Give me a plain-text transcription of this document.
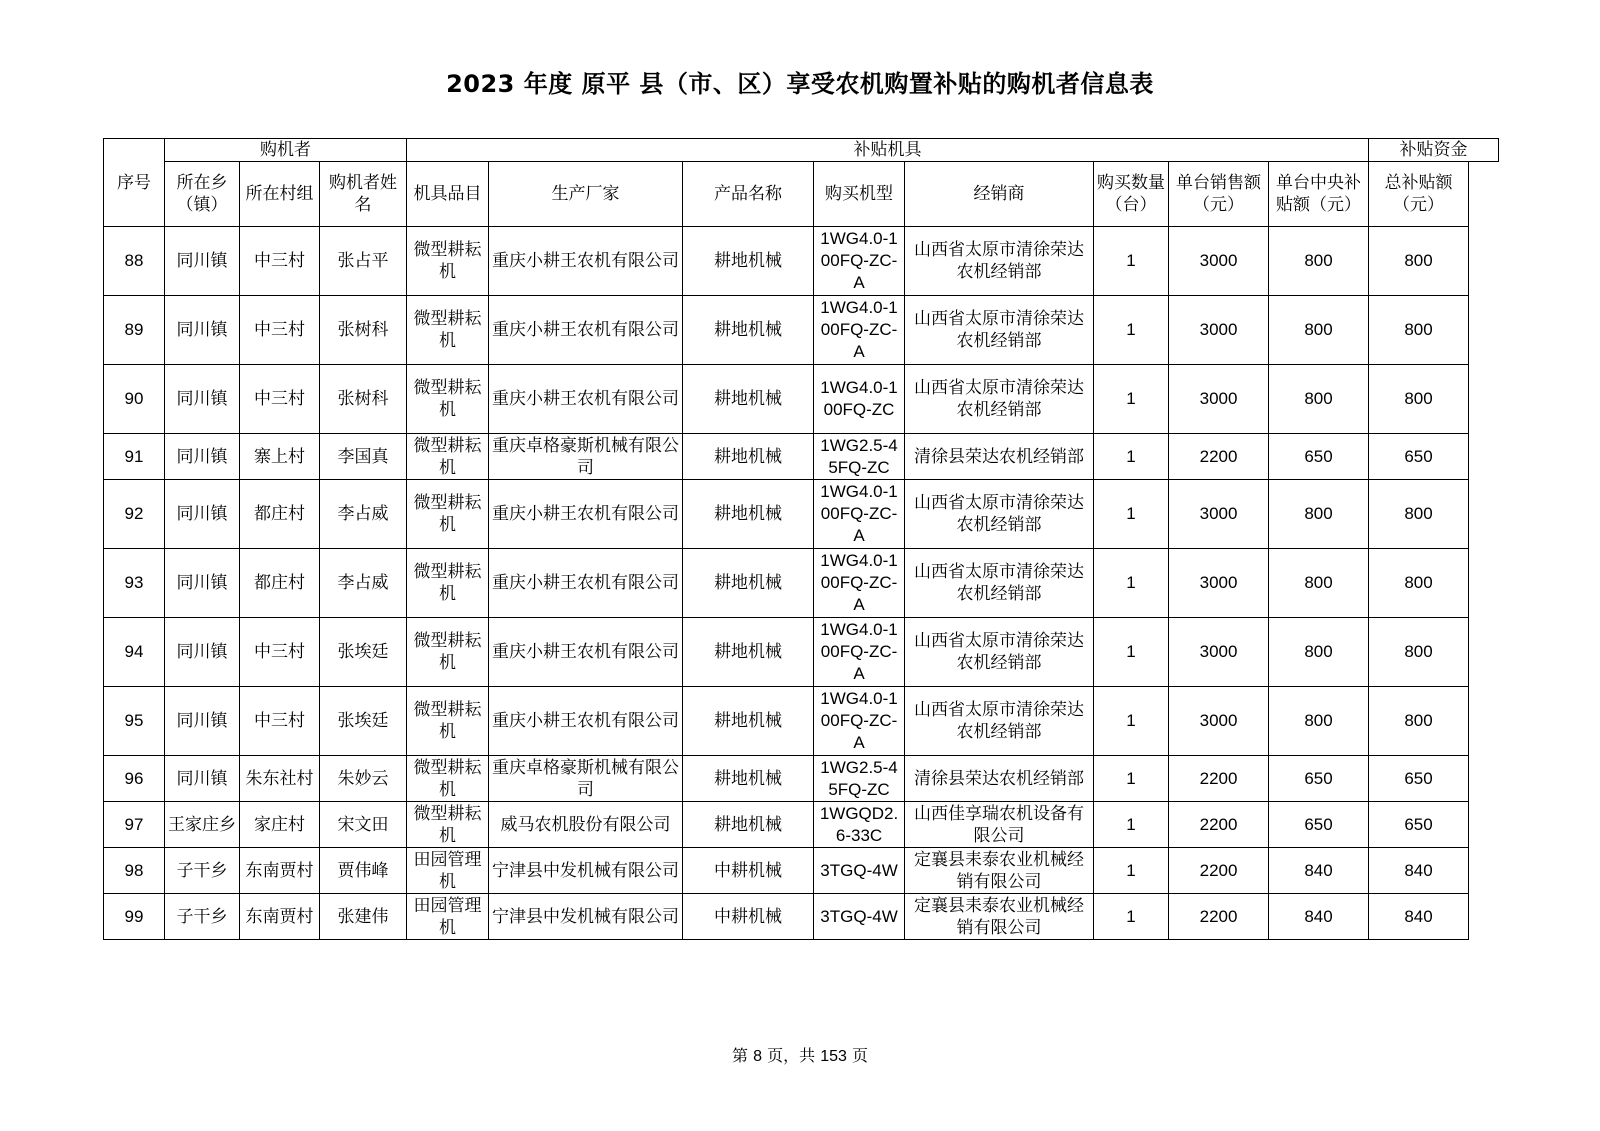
2023 年度 原平 县（市、区）享受农机购置补贴的购机者信息表
序号	购机者			补贴机具								补贴资金
	所在乡（镇）	所在村组	购机者姓名	机具品目	生产厂家	产品名称	购买机型	经销商	购买数量（台）	单台销售额（元）	单台中央补贴额（元）	总补贴额（元）
88	同川镇	中三村	张占平	微型耕耘机	重庆小耕王农机有限公司	耕地机械	1WG4.0-100FQ-ZC-A	山西省太原市清徐荣达农机经销部	1	3000	800	800
89	同川镇	中三村	张树科	微型耕耘机	重庆小耕王农机有限公司	耕地机械	1WG4.0-100FQ-ZC-A	山西省太原市清徐荣达农机经销部	1	3000	800	800
90	同川镇	中三村	张树科	微型耕耘机	重庆小耕王农机有限公司	耕地机械	1WG4.0-100FQ-ZC	山西省太原市清徐荣达农机经销部	1	3000	800	800
91	同川镇	寨上村	李国真	微型耕耘机	重庆卓格豪斯机械有限公司	耕地机械	1WG2.5-45FQ-ZC	清徐县荣达农机经销部	1	2200	650	650
92	同川镇	都庄村	李占威	微型耕耘机	重庆小耕王农机有限公司	耕地机械	1WG4.0-100FQ-ZC-A	山西省太原市清徐荣达农机经销部	1	3000	800	800
93	同川镇	都庄村	李占威	微型耕耘机	重庆小耕王农机有限公司	耕地机械	1WG4.0-100FQ-ZC-A	山西省太原市清徐荣达农机经销部	1	3000	800	800
94	同川镇	中三村	张埃廷	微型耕耘机	重庆小耕王农机有限公司	耕地机械	1WG4.0-100FQ-ZC-A	山西省太原市清徐荣达农机经销部	1	3000	800	800
95	同川镇	中三村	张埃廷	微型耕耘机	重庆小耕王农机有限公司	耕地机械	1WG4.0-100FQ-ZC-A	山西省太原市清徐荣达农机经销部	1	3000	800	800
96	同川镇	朱东社村	朱妙云	微型耕耘机	重庆卓格豪斯机械有限公司	耕地机械	1WG2.5-45FQ-ZC	清徐县荣达农机经销部	1	2200	650	650
97	王家庄乡	家庄村	宋文田	微型耕耘机	威马农机股份有限公司	耕地机械	1WGQD2.6-33C	山西佳享瑞农机设备有限公司	1	2200	650	650
98	子干乡	东南贾村	贾伟峰	田园管理机	宁津县中发机械有限公司	中耕机械	3TGQ-4W	定襄县耒泰农业机械经销有限公司	1	2200	840	840
99	子干乡	东南贾村	张建伟	田园管理机	宁津县中发机械有限公司	中耕机械	3TGQ-4W	定襄县耒泰农业机械经销有限公司	1	2200	840	840
第 8 页，共 153 页
